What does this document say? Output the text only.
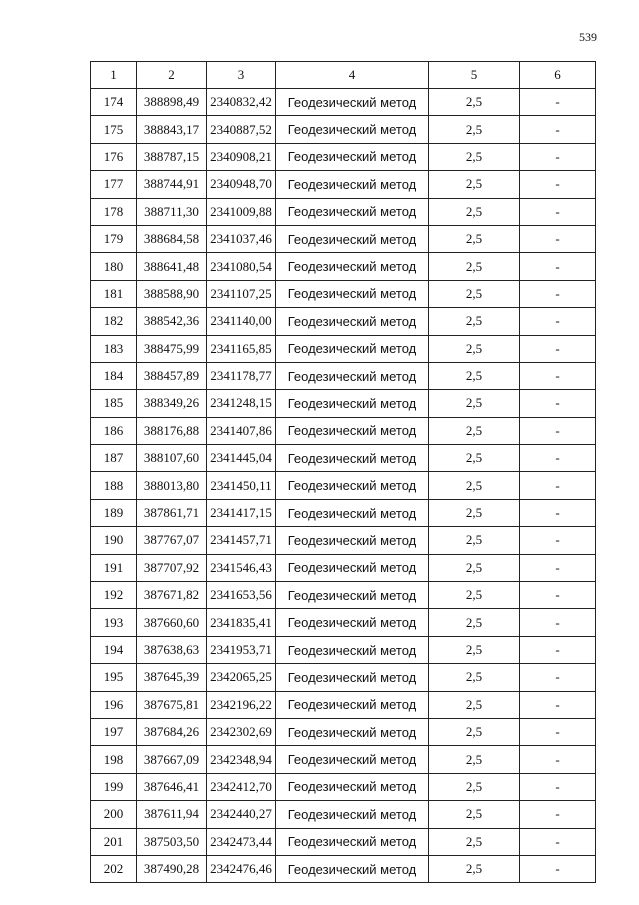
539
1	2	3	4	5	6
174	388898,49	2340832,42	Геодезический метод	2,5	-
175	388843,17	2340887,52	Геодезический метод	2,5	-
176	388787,15	2340908,21	Геодезический метод	2,5	-
177	388744,91	2340948,70	Геодезический метод	2,5	-
178	388711,30	2341009,88	Геодезический метод	2,5	-
179	388684,58	2341037,46	Геодезический метод	2,5	-
180	388641,48	2341080,54	Геодезический метод	2,5	-
181	388588,90	2341107,25	Геодезический метод	2,5	-
182	388542,36	2341140,00	Геодезический метод	2,5	-
183	388475,99	2341165,85	Геодезический метод	2,5	-
184	388457,89	2341178,77	Геодезический метод	2,5	-
185	388349,26	2341248,15	Геодезический метод	2,5	-
186	388176,88	2341407,86	Геодезический метод	2,5	-
187	388107,60	2341445,04	Геодезический метод	2,5	-
188	388013,80	2341450,11	Геодезический метод	2,5	-
189	387861,71	2341417,15	Геодезический метод	2,5	-
190	387767,07	2341457,71	Геодезический метод	2,5	-
191	387707,92	2341546,43	Геодезический метод	2,5	-
192	387671,82	2341653,56	Геодезический метод	2,5	-
193	387660,60	2341835,41	Геодезический метод	2,5	-
194	387638,63	2341953,71	Геодезический метод	2,5	-
195	387645,39	2342065,25	Геодезический метод	2,5	-
196	387675,81	2342196,22	Геодезический метод	2,5	-
197	387684,26	2342302,69	Геодезический метод	2,5	-
198	387667,09	2342348,94	Геодезический метод	2,5	-
199	387646,41	2342412,70	Геодезический метод	2,5	-
200	387611,94	2342440,27	Геодезический метод	2,5	-
201	387503,50	2342473,44	Геодезический метод	2,5	-
202	387490,28	2342476,46	Геодезический метод	2,5	-
